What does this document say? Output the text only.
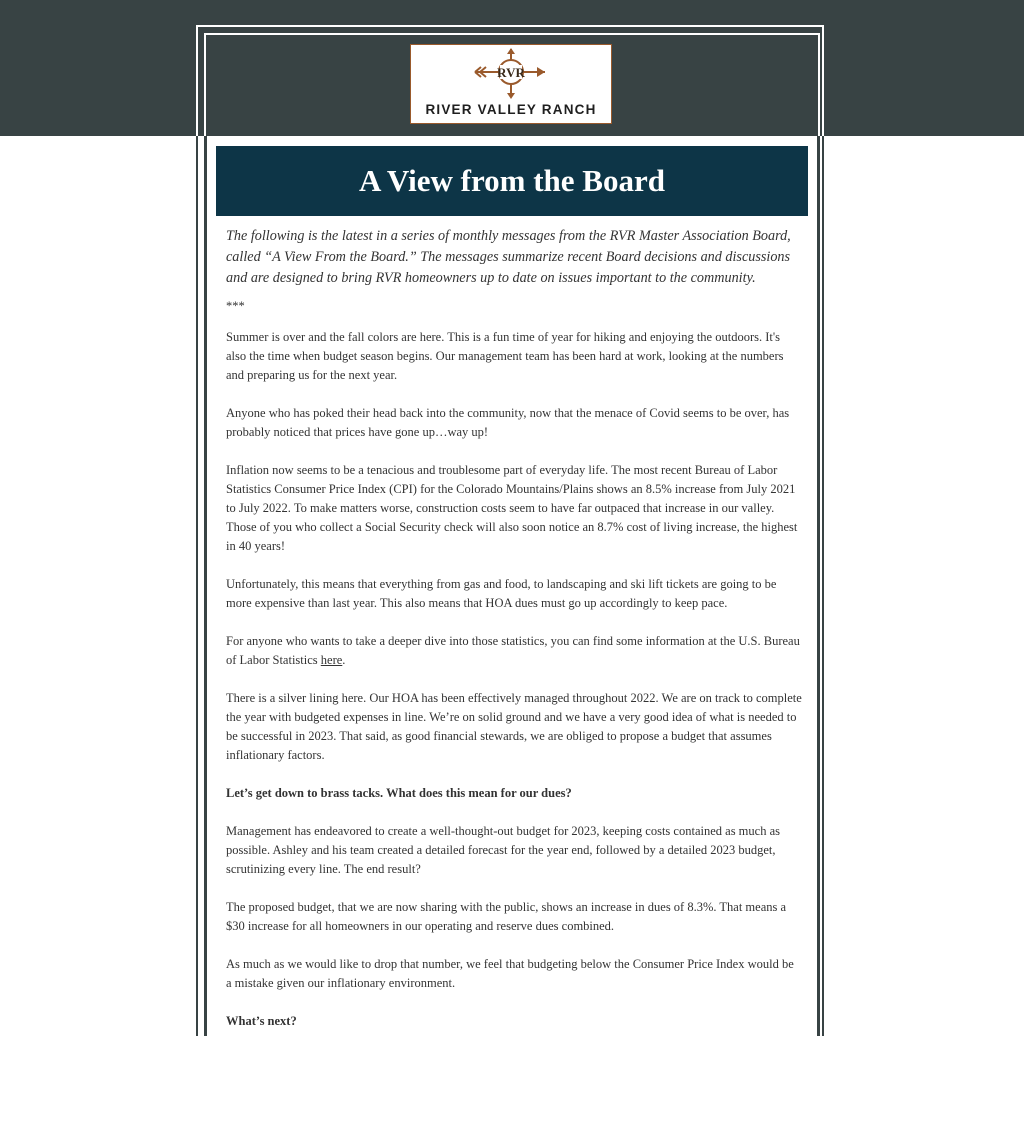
RVR
RIVER VALLEY RANCH
A View from the Board

The following is the latest in a series of monthly messages from the RVR Master Association Board, called “A View From the Board.” The messages summarize recent Board decisions and discussions and are designed to bring RVR homeowners up to date on issues important to the community.

***

Summer is over and the fall colors are here. This is a fun time of year for hiking and enjoying the outdoors. It's also the time when budget season begins. Our management team has been hard at work, looking at the numbers and preparing us for the next year.

Anyone who has poked their head back into the community, now that the menace of Covid seems to be over, has probably noticed that prices have gone up…way up!

Inflation now seems to be a tenacious and troublesome part of everyday life. The most recent Bureau of Labor Statistics Consumer Price Index (CPI) for the Colorado Mountains/Plains shows an 8.5% increase from July 2021 to July 2022. To make matters worse, construction costs seem to have far outpaced that increase in our valley. Those of you who collect a Social Security check will also soon notice an 8.7% cost of living increase, the highest in 40 years!

Unfortunately, this means that everything from gas and food, to landscaping and ski lift tickets are going to be more expensive than last year. This also means that HOA dues must go up accordingly to keep pace.

For anyone who wants to take a deeper dive into those statistics, you can find some information at the U.S. Bureau of Labor Statistics here.

There is a silver lining here. Our HOA has been effectively managed throughout 2022. We are on track to complete the year with budgeted expenses in line. We’re on solid ground and we have a very good idea of what is needed to be successful in 2023. That said, as good financial stewards, we are obliged to propose a budget that assumes inflationary factors.

Let’s get down to brass tacks. What does this mean for our dues?

Management has endeavored to create a well-thought-out budget for 2023, keeping costs contained as much as possible. Ashley and his team created a detailed forecast for the year end, followed by a detailed 2023 budget, scrutinizing every line. The end result?

The proposed budget, that we are now sharing with the public, shows an increase in dues of 8.3%. That means a $30 increase for all homeowners in our operating and reserve dues combined.

As much as we would like to drop that number, we feel that budgeting below the Consumer Price Index would be a mistake given our inflationary environment.

What’s next?
